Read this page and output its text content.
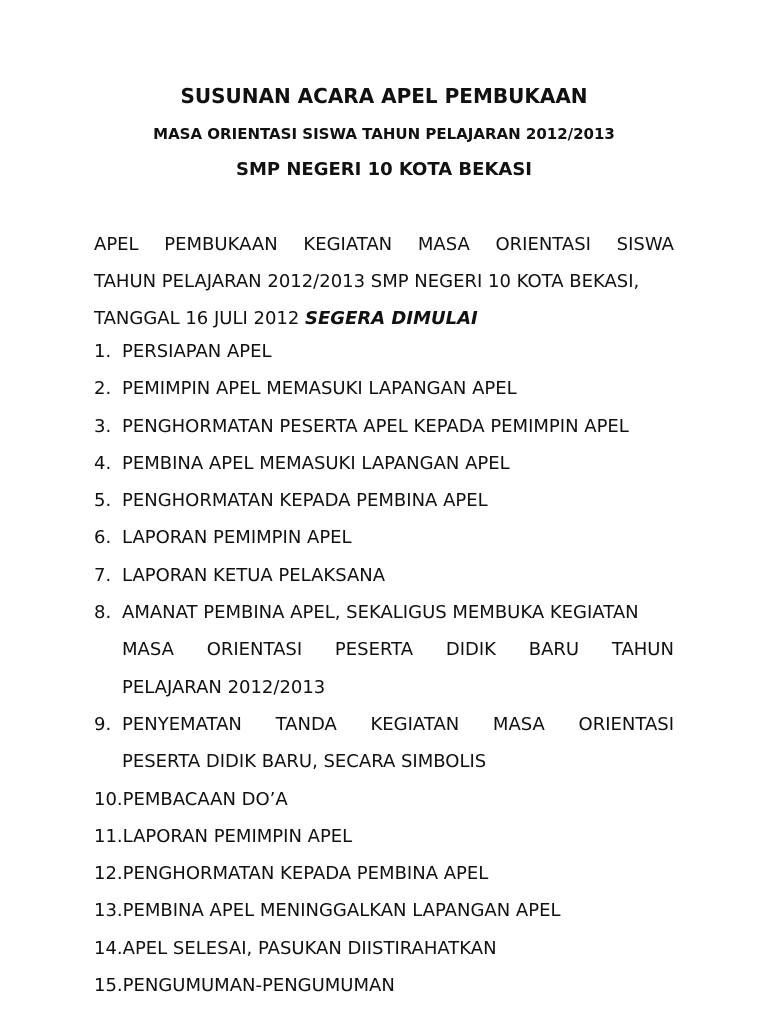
SUSUNAN ACARA APEL PEMBUKAAN
MASA ORIENTASI SISWA TAHUN PELAJARAN 2012/2013
SMP NEGERI 10 KOTA BEKASI
APEL PEMBUKAAN KEGIATAN MASA ORIENTASI SISWA
TAHUN PELAJARAN 2012/2013 SMP NEGERI 10 KOTA BEKASI,
TANGGAL 16 JULI 2012 SEGERA DIMULAI
1. PERSIAPAN APEL
2. PEMIMPIN APEL MEMASUKI LAPANGAN APEL
3. PENGHORMATAN PESERTA APEL KEPADA PEMIMPIN APEL
4. PEMBINA APEL MEMASUKI LAPANGAN APEL
5. PENGHORMATAN KEPADA PEMBINA APEL
6. LAPORAN PEMIMPIN APEL
7. LAPORAN KETUA PELAKSANA
8. AMANAT PEMBINA APEL, SEKALIGUS MEMBUKA KEGIATAN
MASA ORIENTASI PESERTA DIDIK BARU TAHUN
PELAJARAN 2012/2013
9. PENYEMATAN TANDA KEGIATAN MASA ORIENTASI
PESERTA DIDIK BARU, SECARA SIMBOLIS
10. PEMBACAAN DO’A
11. LAPORAN PEMIMPIN APEL
12. PENGHORMATAN KEPADA PEMBINA APEL
13. PEMBINA APEL MENINGGALKAN LAPANGAN APEL
14. APEL SELESAI, PASUKAN DIISTIRAHATKAN
15. PENGUMUMAN-PENGUMUMAN
